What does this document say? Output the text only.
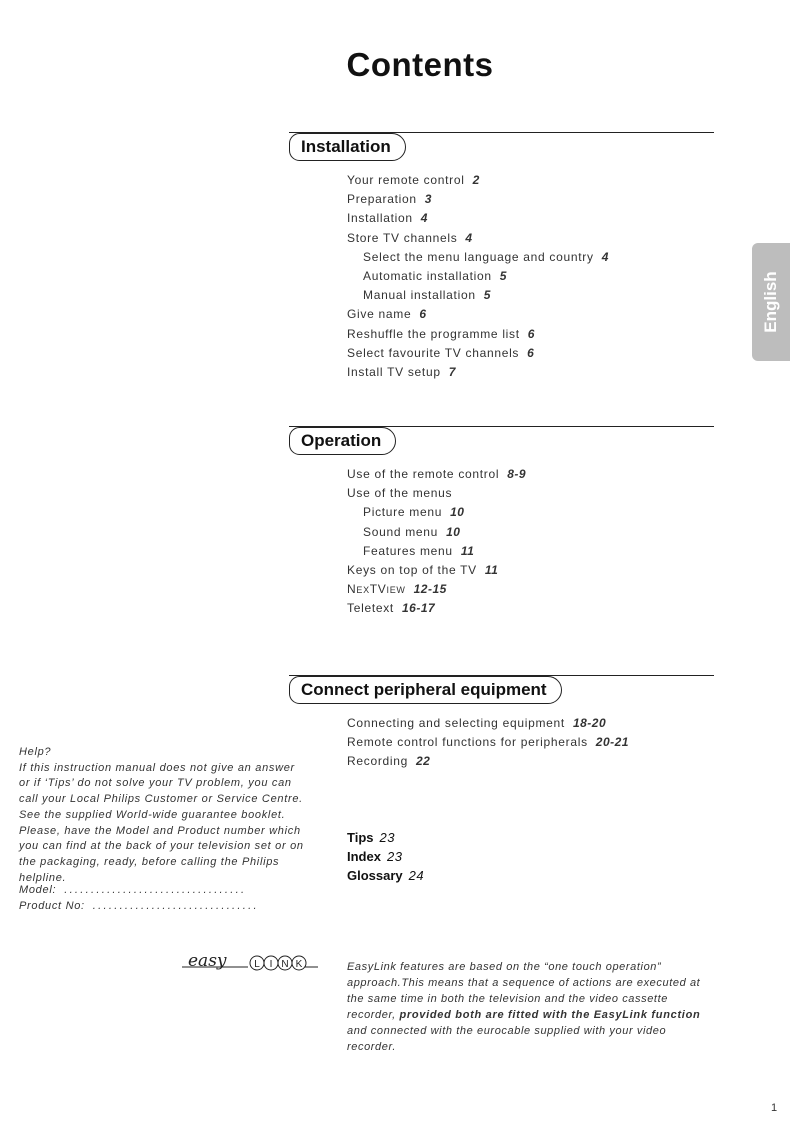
Contents
English
Installation
Your remote control 2
Preparation 3
Installation 4
Store TV channels 4
Select the menu language and country 4
Automatic installation 5
Manual installation 5
Give name 6
Reshuffle the programme list 6
Select favourite TV channels 6
Install TV setup 7
Operation
Use of the remote control 8-9
Use of the menus
Picture menu 10
Sound menu 10
Features menu 11
Keys on top of the TV 11
NEXTVIEW 12-15
Teletext 16-17
Connect peripheral equipment
Connecting and selecting equipment 18-20
Remote control functions for peripherals 20-21
Recording 22
Tips 23
Index 23
Glossary 24

Help?

If this instruction manual does not give an answer or if ‘Tips’ do not solve your TV problem, you can call your Local Philips Customer or Service Centre. See the supplied World-wide guarantee booklet.

Please, have the Model and Product number which you can find at the back of your television set or on the packaging, ready, before calling the Philips helpline.

Model: ..................................
Product No: ...............................
easy	L I N K	EasyLink features are based on the “one touch operation” approach.This means that a sequence of actions are executed at the same time in both the television and the video cassette recorder, provided both are fitted with the EasyLink function and connected with the eurocable supplied with your video recorder.
1
